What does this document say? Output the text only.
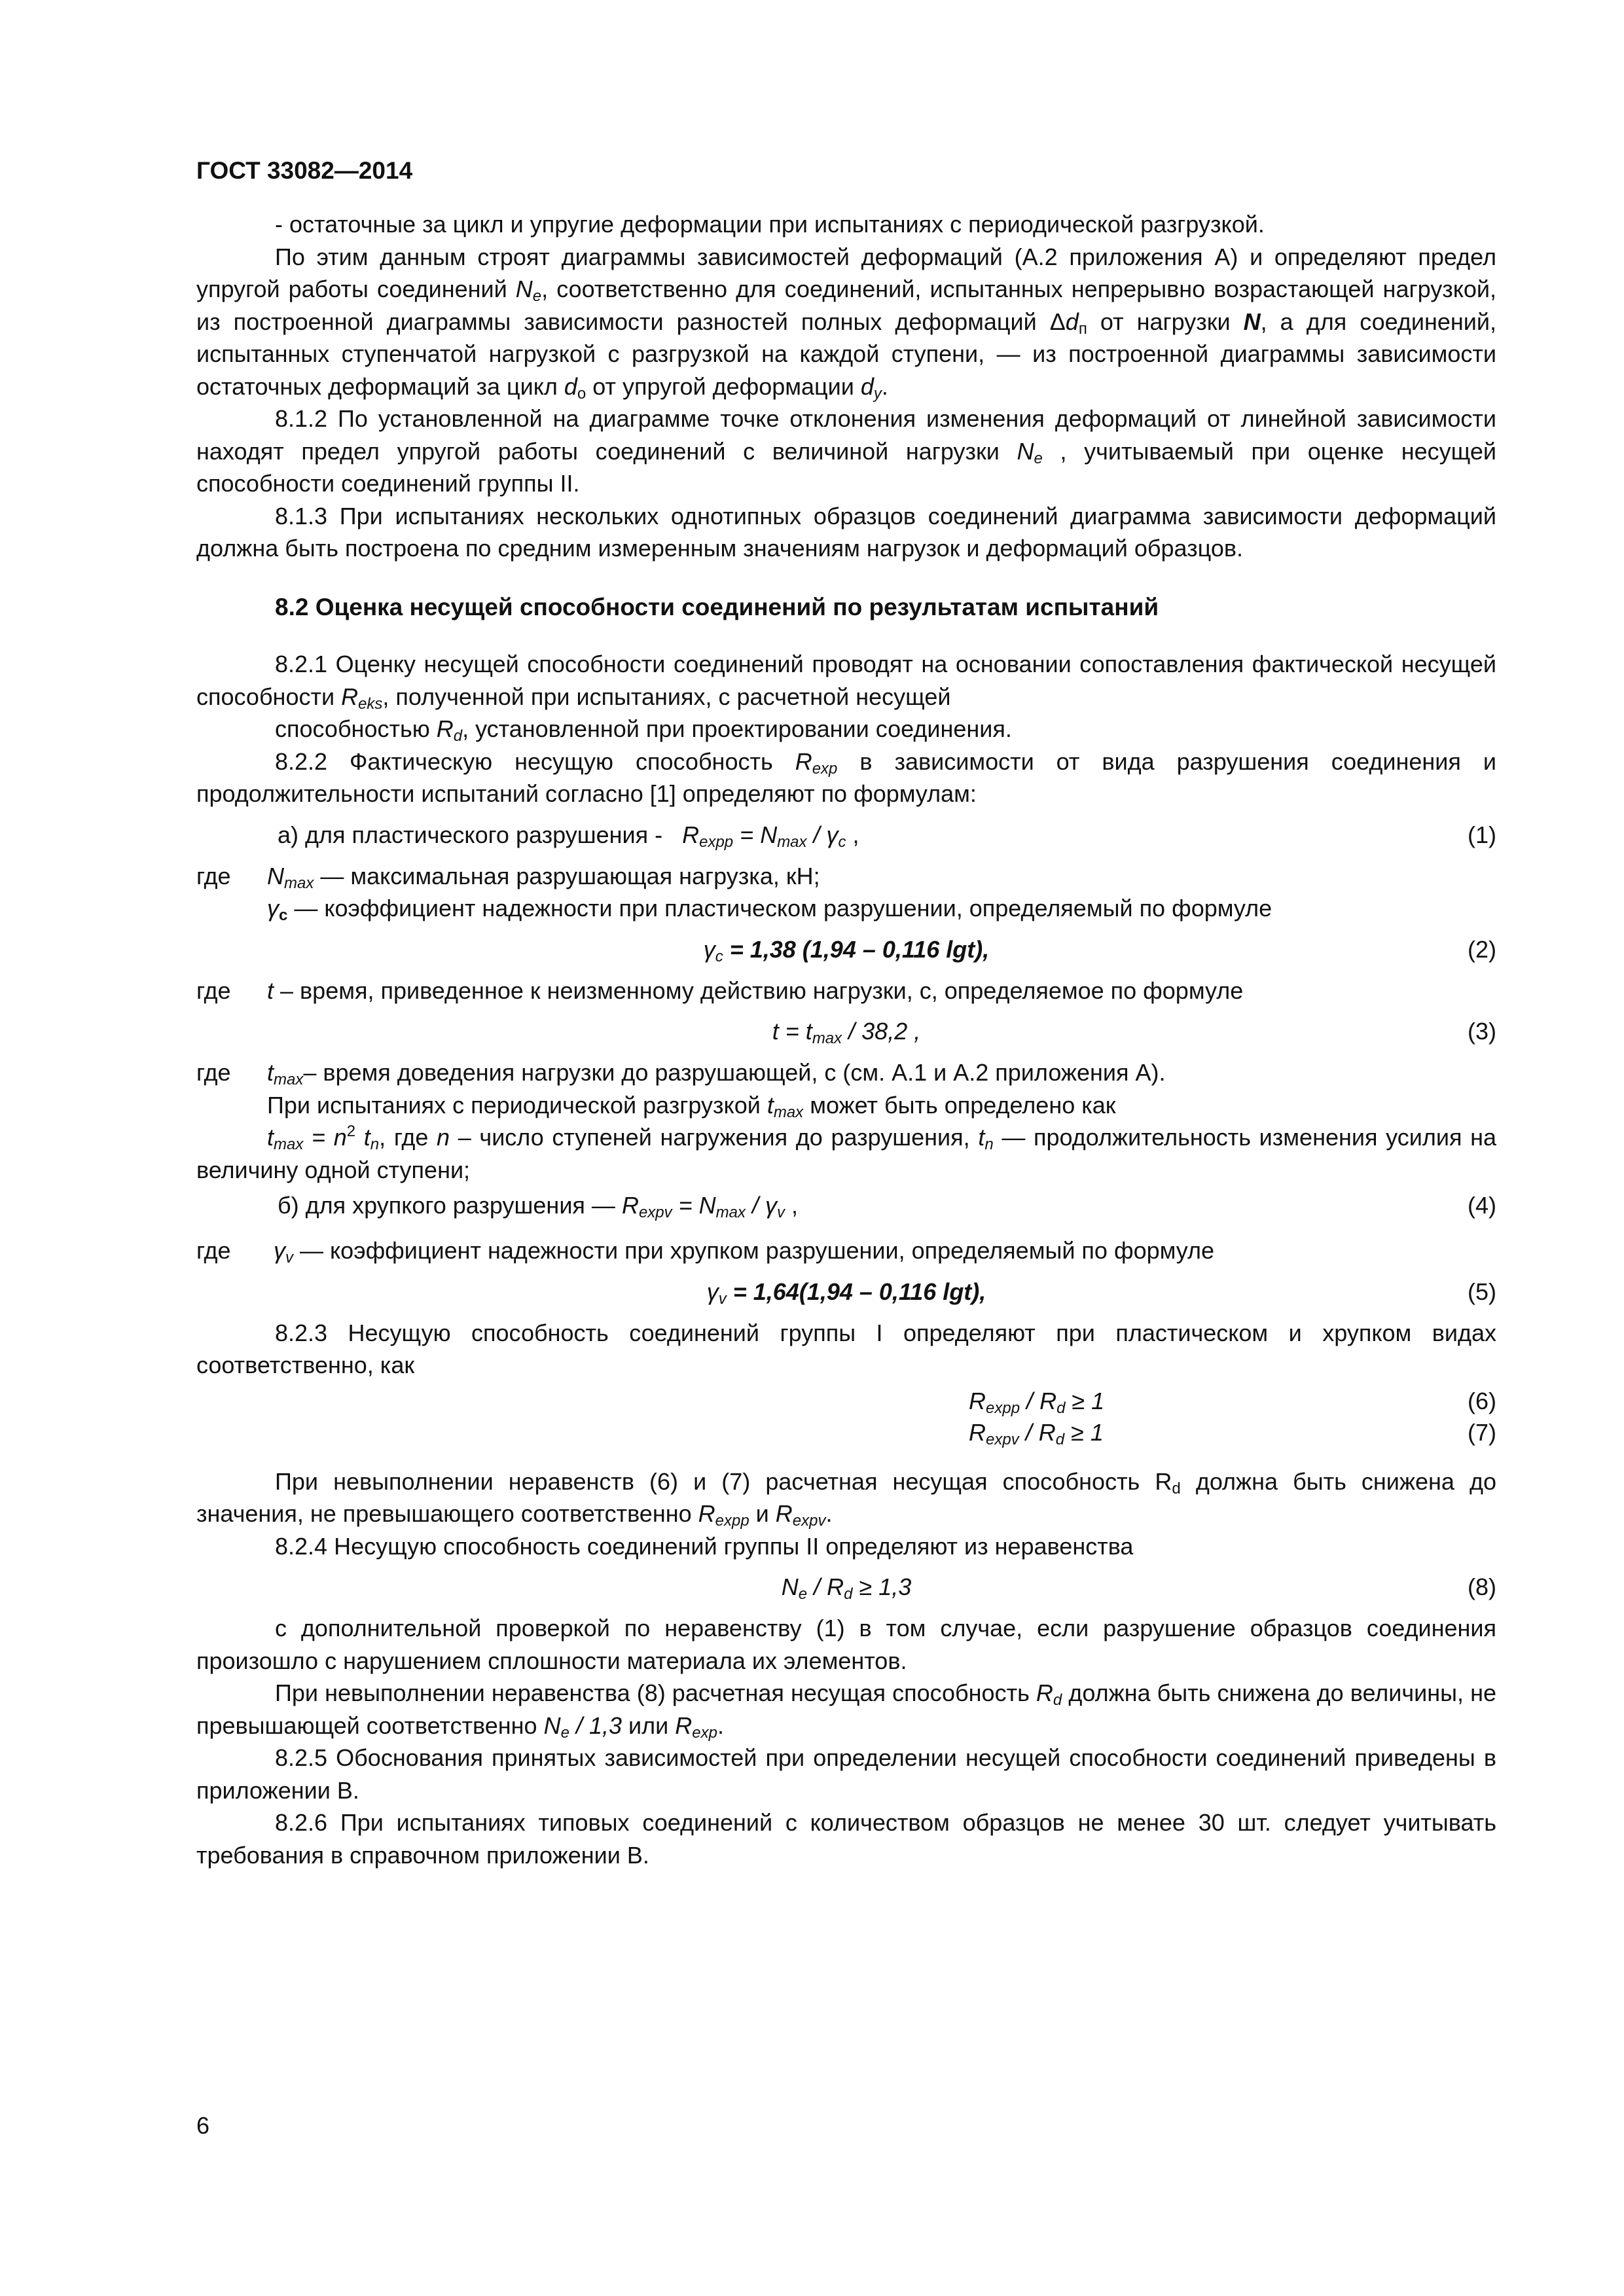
ГОСТ 33082—2014

- остаточные за цикл и упругие деформации при испытаниях с периодической разгрузкой.

По этим данным строят диаграммы зависимостей деформаций (А.2 приложения А) и определяют предел упругой работы соединений $N_e$, соответственно для соединений, испытанных непрерывно возрастающей нагрузкой, из построенной диаграммы зависимости разностей полных деформаций $\Delta d_п$ от нагрузки N, а для соединений, испытанных ступенчатой нагрузкой с разгрузкой на каждой ступени, — из построенной диаграммы зависимости остаточных деформаций за цикл $d_о$ от упругой деформации $d_y$.

8.1.2 По установленной на диаграмме точке отклонения изменения деформаций от линейной зависимости находят предел упругой работы соединений с величиной нагрузки $N_e$ , учитываемый при оценке несущей способности соединений группы II.

8.1.3 При испытаниях нескольких однотипных образцов соединений диаграмма зависимости деформаций должна быть построена по средним измеренным значениям нагрузок и деформаций образцов.

8.2 Оценка несущей способности соединений по результатам испытаний

8.2.1 Оценку несущей способности соединений проводят на основании сопоставления фактической несущей способности $R_{eks}$, полученной при испытаниях, с расчетной несущей

способностью $R_d$, установленной при проектировании соединения.

8.2.2 Фактическую несущую способность $R_{exp}$ в зависимости от вида разрушения соединения и продолжительности испытаний согласно [1] определяют по формулам:

а) для пластического разрушения - $R_{expp} = N_{max} / \gamma_c$ ,	(1)
где	$N_{max}$ — максимальная разрушающая нагрузка, кН;
$\gamma_c$ — коэффициент надежности при пластическом разрушении, определяемый по формуле
$\gamma_c = 1,38$ (1,94 – 0,116 lgt),	(2)
где	t – время, приведенное к неизменному действию нагрузки, с, определяемое по формуле
$t = t_{max} / 38,2$ ,	(3)
где	$t_{max}-$ время доведения нагрузки до разрушающей, с (см. А.1 и А.2 приложения А).
При испытаниях с периодической разгрузкой $t_{max}$ может быть определено как

$t_{max} = n^2$ $t_n$, где n – число ступеней нагружения до разрушения, $t_n$ — продолжительность изменения усилия на величину одной ступени;

б) для хрупкого разрушения — $R_{expv} = N_{max} / \gamma_v$ ,	(4)
где	$\gamma_v$ — коэффициент надежности при хрупком разрушении, определяемый по формуле
$\gamma_v = 1,64(1,94 - 0,116$ lgt),	(5)

8.2.3 Несущую способность соединений группы I определяют при пластическом и хрупком видах соответственно, как

$R_{expp} / R_d \ge 1$	(6)
$R_{expv} / R_d \ge 1$	(7)

При невыполнении неравенств (6) и (7) расчетная несущая способность $R_d$ должна быть снижена до значения, не превышающего соответственно $R_{expp}$ и $R_{expv}$.

8.2.4 Несущую способность соединений группы II определяют из неравенства

$N_e / R_d \ge 1,3$	(8)

с дополнительной проверкой по неравенству (1) в том случае, если разрушение образцов соединения произошло с нарушением сплошности материала их элементов.

При невыполнении неравенства (8) расчетная несущая способность $R_d$ должна быть снижена до величины, не превышающей соответственно $N_e / 1,3$ или $R_{exp}$.

8.2.5 Обоснования принятых зависимостей при определении несущей способности соединений приведены в приложении В.

8.2.6 При испытаниях типовых соединений с количеством образцов не менее 30 шт. следует учитывать требования в справочном приложении В.

6
